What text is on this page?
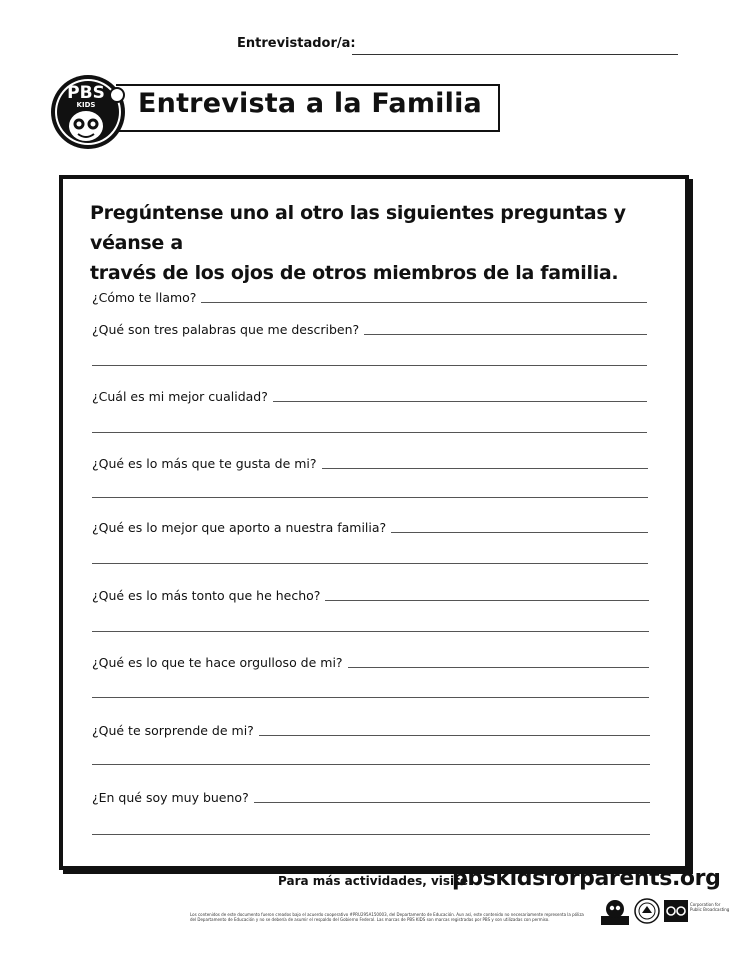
Entrevistador/a:
Entrevista a la Familia
PBS
KIDS
Pregúntense uno al otro las siguientes preguntas y véanse a
través de los ojos de otros miembros de la familia.
¿Cómo te llamo?
¿Qué son tres palabras que me describen?
¿Cuál es mi mejor cualidad?
¿Qué es lo más que te gusta de mi?
¿Qué es lo mejor que aporto a nuestra familia?
¿Qué es lo más tonto que he hecho?
¿Qué es lo que te hace orgulloso de mi?
¿Qué te sorprende de mi?
¿En qué soy muy bueno?
Para más actividades, visite
pbskidsforparents.org
Los contenidos de este documento fueron creados bajo el acuerdo cooperativo #PRU295A150003, del Departamento de Educación. Aun así, este contenido no necesariamente representa la póliza del Departamento de Educación y no se debería de asumir el respaldo del Gobierno Federal. Las marcas de PBS KIDS son marcas registradas por PBS y son utilizadas con permiso.
Corporation for Public Broadcasting
